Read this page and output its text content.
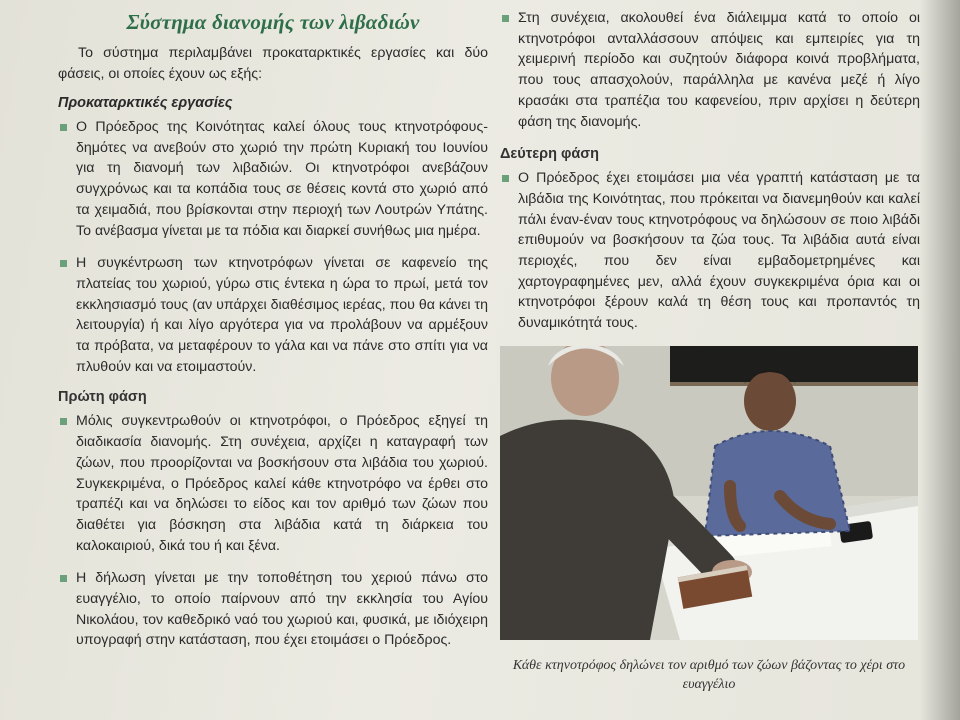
Σύστημα διανομής των λιβαδιών

Το σύστημα περιλαμβάνει προκαταρκτικές εργασίες και δύο φάσεις, οι οποίες έχουν ως εξής:

Προκαταρκτικές εργασίες
Ο Πρόεδρος της Κοινότητας καλεί όλους τους κτηνοτρόφους-δημότες να ανεβούν στο χωριό την πρώτη Κυριακή του Ιουνίου για τη διανομή των λιβαδιών. Οι κτηνοτρόφοι ανεβάζουν συγχρόνως και τα κοπάδια τους σε θέσεις κοντά στο χωριό από τα χειμαδιά, που βρίσκονται στην περιοχή των Λουτρών Υπάτης. Το ανέβασμα γίνεται με τα πόδια και διαρκεί συνήθως μια ημέρα.
Η συγκέντρωση των κτηνοτρόφων γίνεται σε καφενείο της πλατείας του χωριού, γύρω στις έντεκα η ώρα το πρωί, μετά τον εκκλησιασμό τους (αν υπάρχει διαθέσιμος ιερέας, που θα κάνει τη λειτουργία) ή και λίγο αργότερα για να προλάβουν να αρμέξουν τα πρόβατα, να μεταφέρουν το γάλα και να πάνε στο σπίτι για να πλυθούν και να ετοιμαστούν.
Πρώτη φάση
Μόλις συγκεντρωθούν οι κτηνοτρόφοι, ο Πρόεδρος εξηγεί τη διαδικασία διανομής. Στη συνέχεια, αρχίζει η καταγραφή των ζώων, που προορίζονται να βοσκήσουν στα λιβάδια του χωριού. Συγκεκριμένα, ο Πρόεδρος καλεί κάθε κτηνοτρόφο να έρθει στο τραπέζι και να δηλώσει το είδος και τον αριθμό των ζώων που διαθέτει για βόσκηση στα λιβάδια κατά τη διάρκεια του καλοκαιριού, δικά του ή και ξένα.
Η δήλωση γίνεται με την τοποθέτηση του χεριού πάνω στο ευαγγέλιο, το οποίο παίρνουν από την εκκλησία του Αγίου Νικολάου, τον καθεδρικό ναό του χωριού και, φυσικά, με ιδιόχειρη υπογραφή στην κατάσταση, που έχει ετοιμάσει ο Πρόεδρος.
Στη συνέχεια, ακολουθεί ένα διάλειμμα κατά το οποίο οι κτηνοτρόφοι ανταλλάσσουν απόψεις και εμπειρίες για τη χειμερινή περίοδο και συζητούν διάφορα κοινά προβλήματα, που τους απασχολούν, παράλληλα με κανένα μεζέ ή λίγο κρασάκι στα τραπέζια του καφενείου, πριν αρχίσει η δεύτερη φάση της διανομής.
Δεύτερη φάση
Ο Πρόεδρος έχει ετοιμάσει μια νέα γραπτή κατάσταση με τα λιβάδια της Κοινότητας, που πρόκειται να διανεμηθούν και καλεί πάλι έναν-έναν τους κτηνοτρόφους να δηλώσουν σε ποιο λιβάδι επιθυμούν να βοσκήσουν τα ζώα τους. Τα λιβάδια αυτά είναι περιοχές, που δεν είναι εμβαδομετρημένες και χαρτογραφημένες μεν, αλλά έχουν συγκεκριμένα όρια και οι κτηνοτρόφοι ξέρουν καλά τη θέση τους και προπαντός τη δυναμικότητά τους.
Κάθε κτηνοτρόφος δηλώνει τον αριθμό των ζώων βάζοντας το χέρι στο ευαγγέλιο
